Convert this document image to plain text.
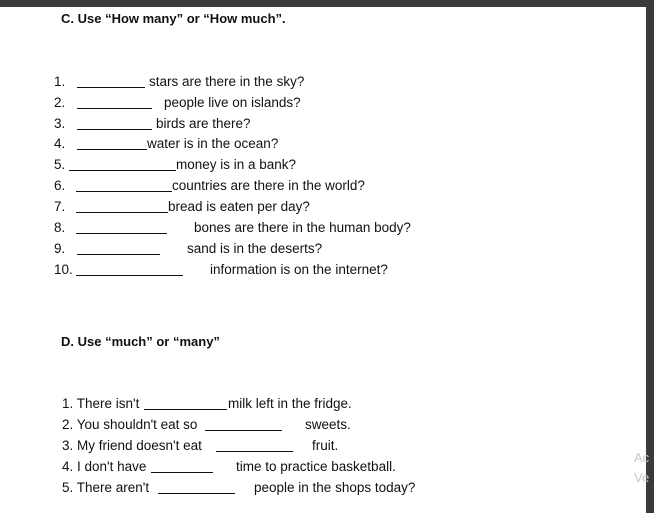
C. Use “How many” or “How much”.
1.	stars are there in the sky?
2.	people live on islands?
3.	birds are there?
4.	water is in the ocean?
5.	money is in a bank?
6.	countries are there in the world?
7.	bread is eaten per day?
8.	bones are there in the human body?
9.	sand is in the deserts?
10.	information is on the internet?
D. Use “much” or “many”
1. There isn't	milk left in the fridge.
2. You shouldn't eat so	sweets.
3. My friend doesn't eat	fruit.
4. I don't have	time to practice basketball.
5. There aren't	people in the shops today?
Ac
Ve
